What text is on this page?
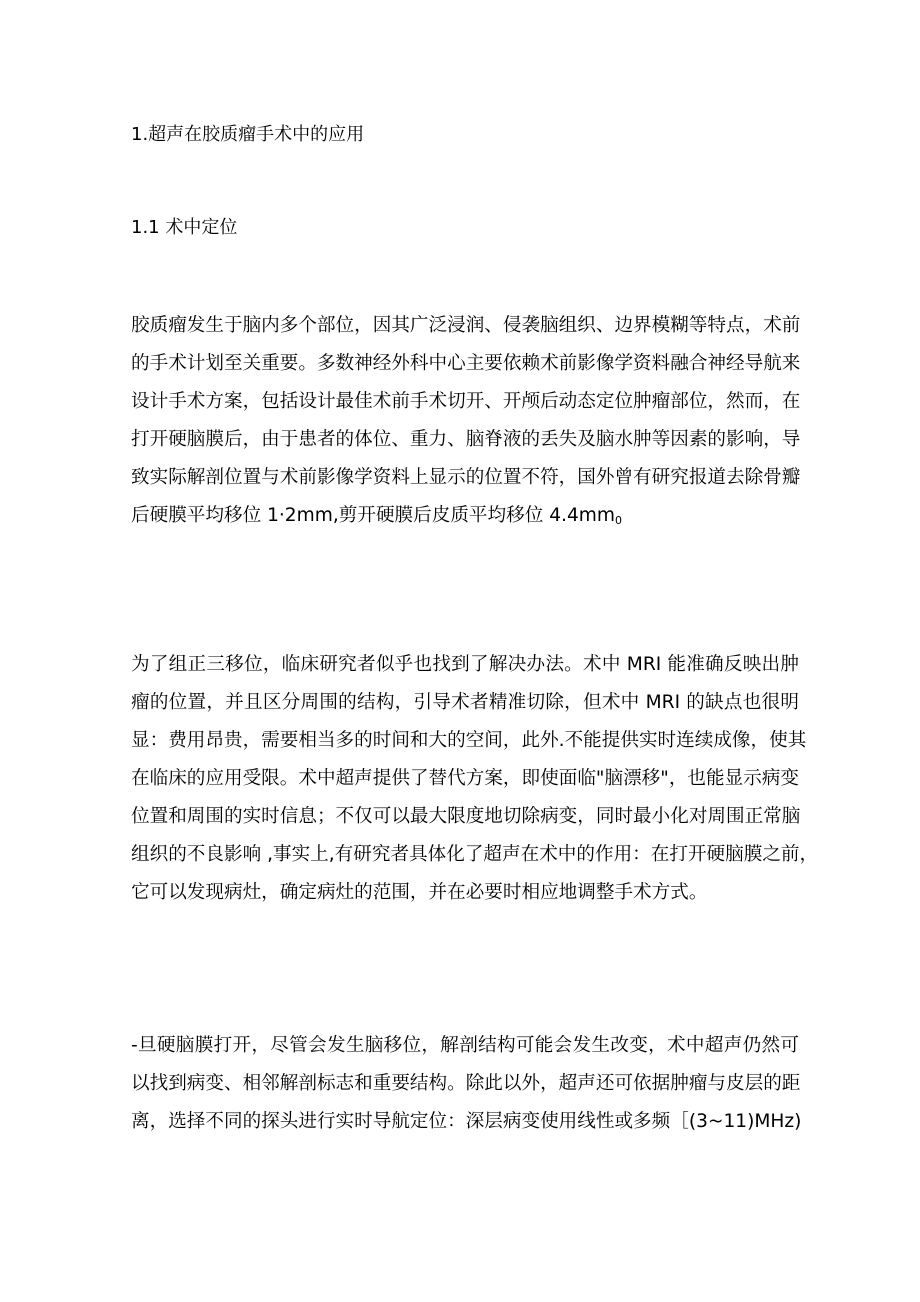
1.超声在胶质瘤手术中的应用
1.1 术中定位
胶质瘤发生于脑内多个部位，因其广泛浸润、侵袭脑组织、边界模糊等特点，术前
的手术计划至关重要。多数神经外科中心主要依赖术前影像学资料融合神经导航来
设计手术方案，包括设计最佳术前手术切开、开颅后动态定位肿瘤部位，然而，在
打开硬脑膜后，由于患者的体位、重力、脑脊液的丢失及脑水肿等因素的影响，导
致实际解剖位置与术前影像学资料上显示的位置不符，国外曾有研究报道去除骨瓣
后硬膜平均移位 1·2mm,剪开硬膜后皮质平均移位 $4.4mm_0$
为了组正三移位，临床研究者似乎也找到了解决办法。术中 MRI 能准确反映出肿
瘤的位置，并且区分周围的结构，引导术者精准切除，但术中 MRI 的缺点也很明
显：费用昂贵，需要相当多的时间和大的空间，此外.不能提供实时连续成像，使其
在临床的应用受限。术中超声提供了替代方案，即使面临"脑漂移"，也能显示病变
位置和周围的实时信息；不仅可以最大限度地切除病变，同时最小化对周围正常脑
组织的不良影响 ,事实上,有研究者具体化了超声在术中的作用：在打开硬脑膜之前，
它可以发现病灶，确定病灶的范围，并在必要时相应地调整手术方式。
-旦硬脑膜打开，尽管会发生脑移位，解剖结构可能会发生改变，术中超声仍然可
以找到病变、相邻解剖标志和重要结构。除此以外，超声还可依据肿瘤与皮层的距
离，选择不同的探头进行实时导航定位：深层病变使用线性或多频［(3~11)MHz)
